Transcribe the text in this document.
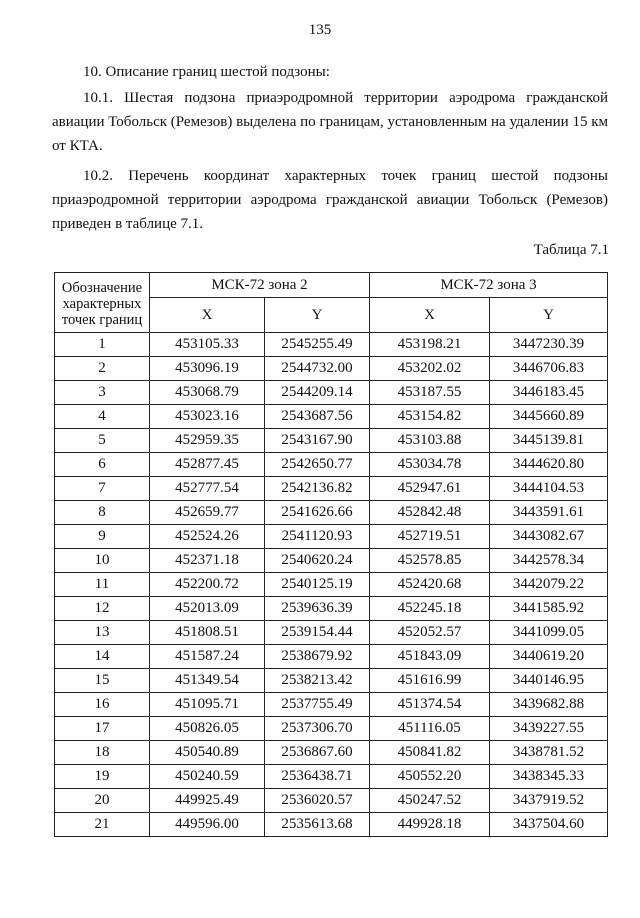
135
10. Описание границ шестой подзоны:
10.1. Шестая подзона приаэродромной территории аэродрома гражданской авиации Тобольск (Ремезов) выделена по границам, установленным на удалении 15 км от КТА.
10.2. Перечень координат характерных точек границ шестой подзоны приаэродромной территории аэродрома гражданской авиации Тобольск (Ремезов) приведен в таблице 7.1.
Таблица 7.1
Обозначение характерных точек границ	МСК-72 зона 2		МСК-72 зона 3	
	X	Y	X	Y
1	453105.33	2545255.49	453198.21	3447230.39
2	453096.19	2544732.00	453202.02	3446706.83
3	453068.79	2544209.14	453187.55	3446183.45
4	453023.16	2543687.56	453154.82	3445660.89
5	452959.35	2543167.90	453103.88	3445139.81
6	452877.45	2542650.77	453034.78	3444620.80
7	452777.54	2542136.82	452947.61	3444104.53
8	452659.77	2541626.66	452842.48	3443591.61
9	452524.26	2541120.93	452719.51	3443082.67
10	452371.18	2540620.24	452578.85	3442578.34
11	452200.72	2540125.19	452420.68	3442079.22
12	452013.09	2539636.39	452245.18	3441585.92
13	451808.51	2539154.44	452052.57	3441099.05
14	451587.24	2538679.92	451843.09	3440619.20
15	451349.54	2538213.42	451616.99	3440146.95
16	451095.71	2537755.49	451374.54	3439682.88
17	450826.05	2537306.70	451116.05	3439227.55
18	450540.89	2536867.60	450841.82	3438781.52
19	450240.59	2536438.71	450552.20	3438345.33
20	449925.49	2536020.57	450247.52	3437919.52
21	449596.00	2535613.68	449928.18	3437504.60
